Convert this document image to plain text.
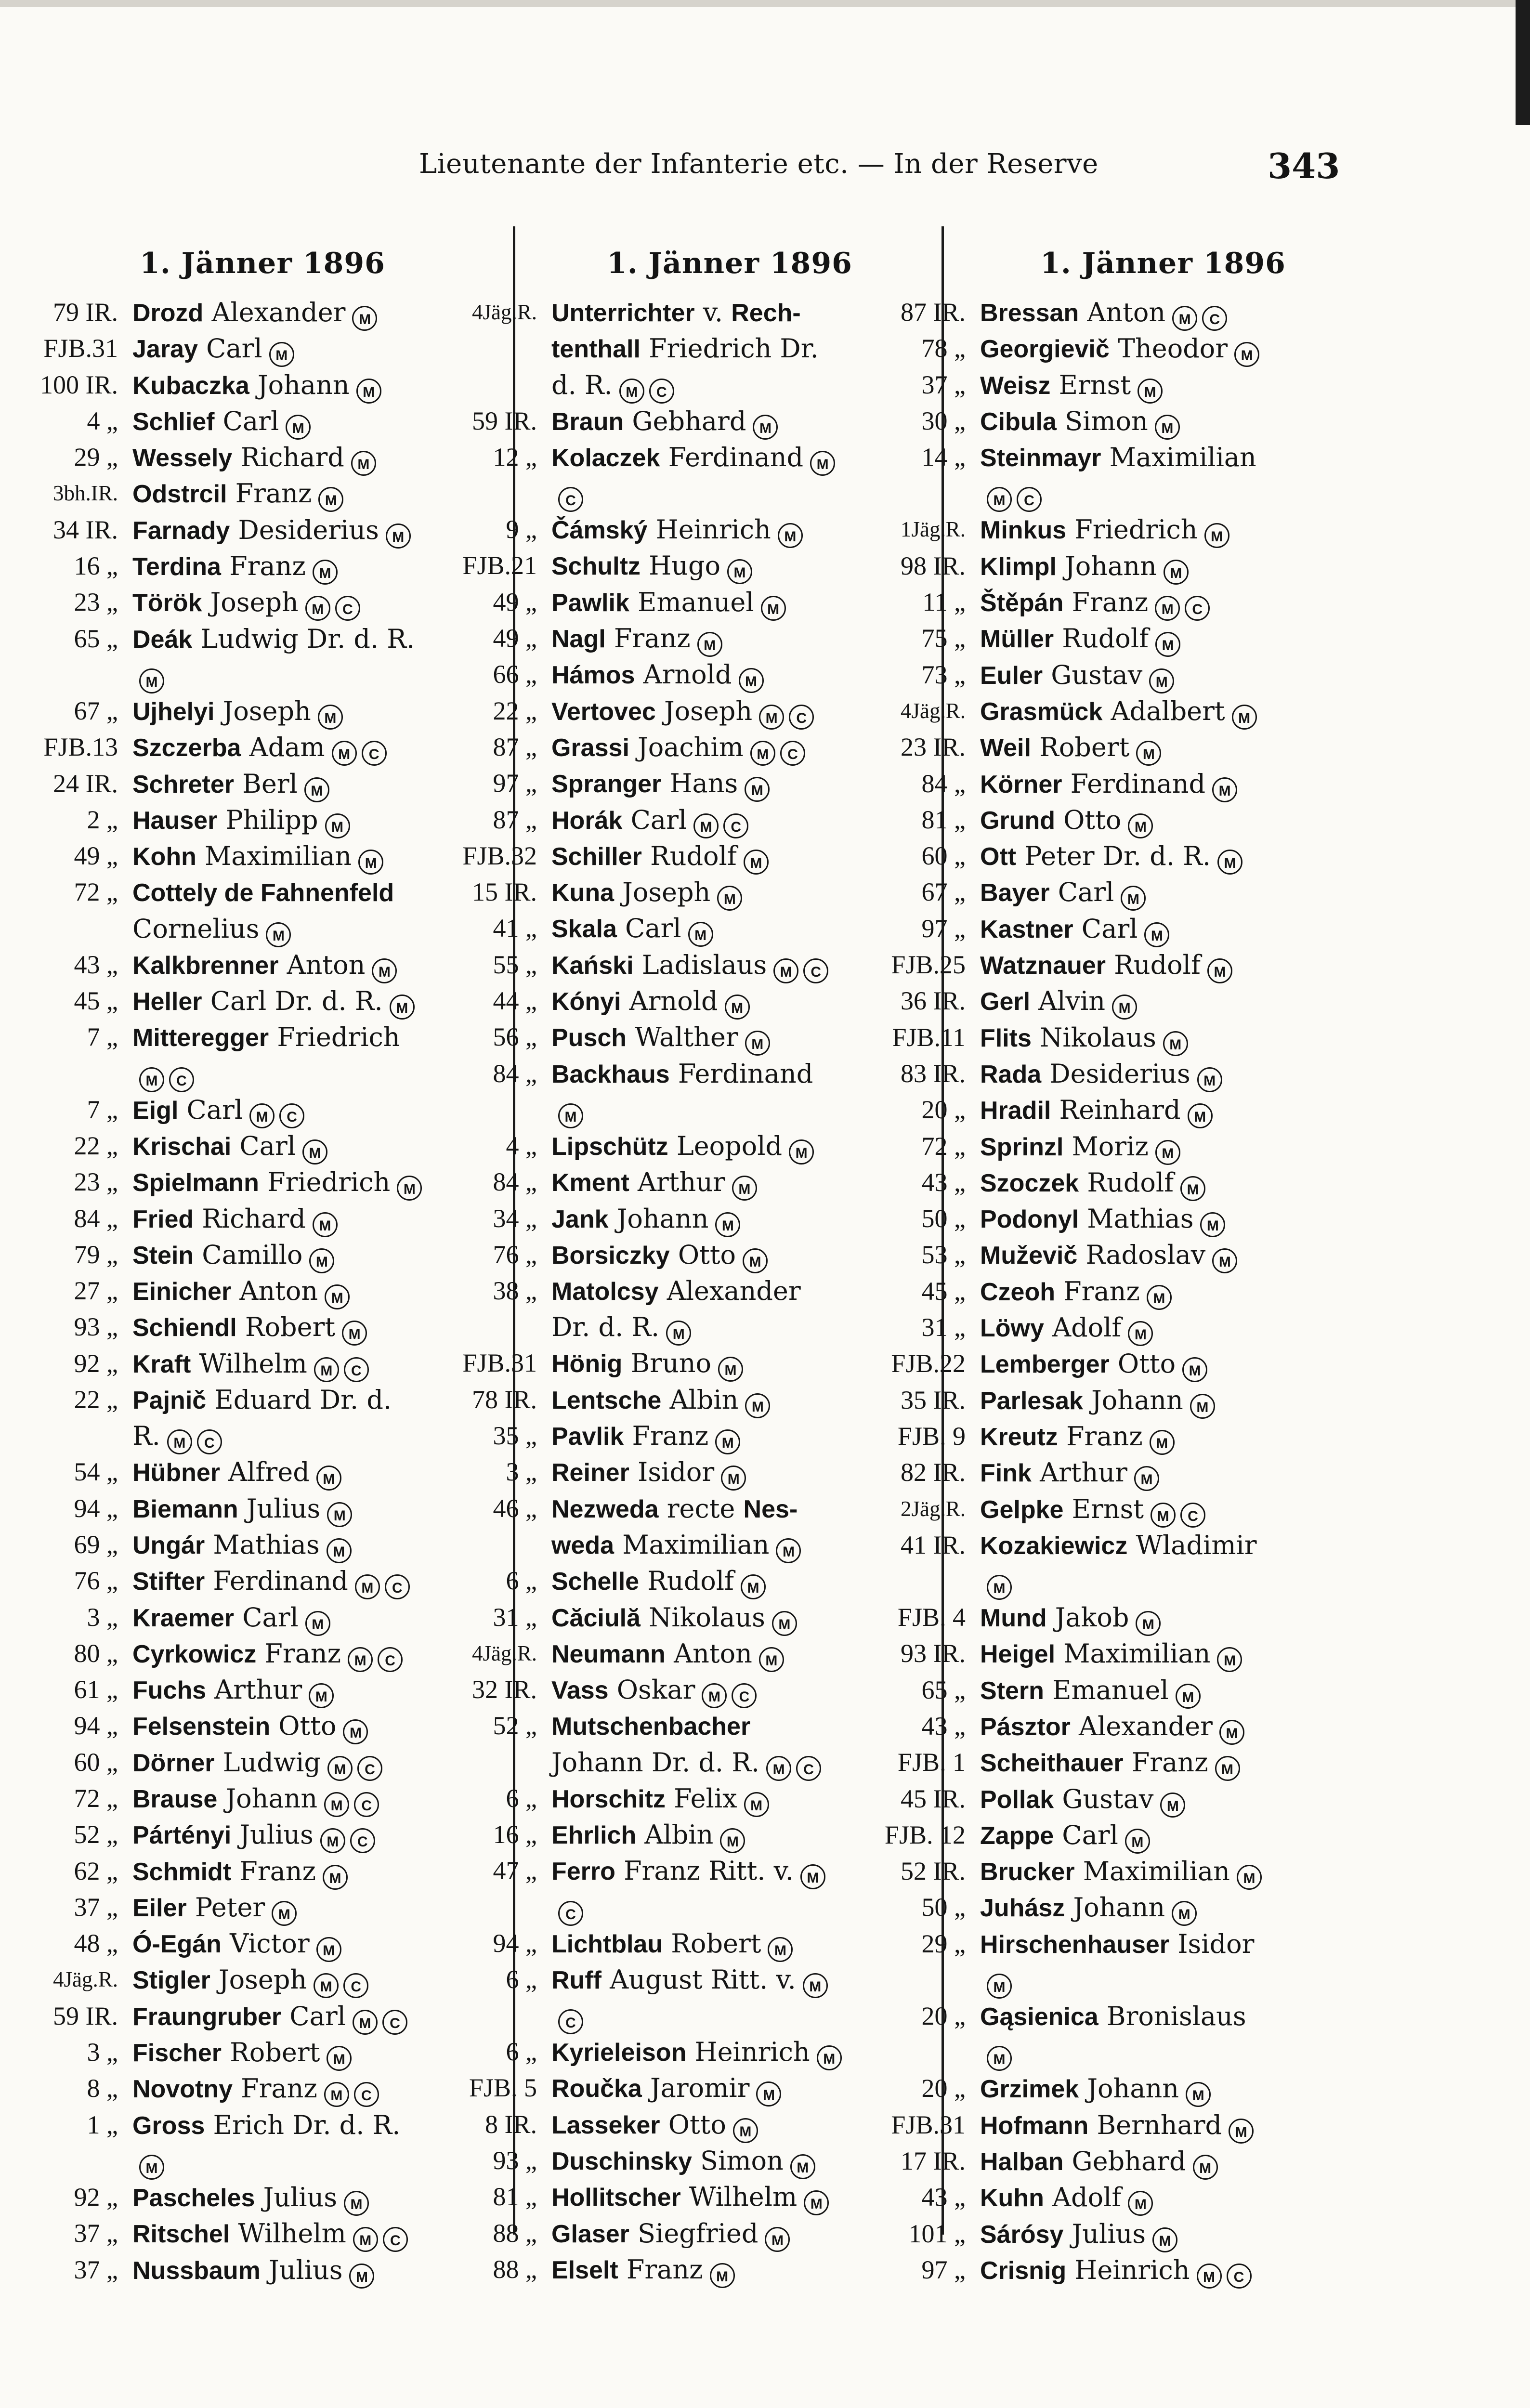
Lieutenante der Infanterie etc. — In der Reserve	343
1. Jänner 1896
79 IR. Drozd Alexander M
FJB.31 Jaray Carl M
100 IR. Kubaczka Johann M
4 „ Schlief Carl M
29 „ Wessely Richard M
3bh.IR. Odstrcil Franz M
34 IR. Farnady Desiderius M
16 „ Terdina Franz M
23 „ Török Joseph M C
65 „ Deák Ludwig Dr. d. R.
M
67 „ Ujhelyi Joseph M
FJB.13 Szczerba Adam M C
24 IR. Schreter Berl M
2 „ Hauser Philipp M
49 „ Kohn Maximilian M
72 „ Cottely de Fahnenfeld
Cornelius M
43 „ Kalkbrenner Anton M
45 „ Heller Carl Dr. d. R. M
7 „ Mitteregger Friedrich
M C
7 „ Eigl Carl M C
22 „ Krischai Carl M
23 „ Spielmann Friedrich M
84 „ Fried Richard M
79 „ Stein Camillo M
27 „ Einicher Anton M
93 „ Schiendl Robert M
92 „ Kraft Wilhelm M C
22 „ Pajnič Eduard Dr. d.
R. M C
54 „ Hübner Alfred M
94 „ Biemann Julius M
69 „ Ungár Mathias M
76 „ Stifter Ferdinand M C
3 „ Kraemer Carl M
80 „ Cyrkowicz Franz M C
61 „ Fuchs Arthur M
94 „ Felsenstein Otto M
60 „ Dörner Ludwig M C
72 „ Brause Johann M C
52 „ Pártényi Julius M C
62 „ Schmidt Franz M
37 „ Eiler Peter M
48 „ Ó-Egán Victor M
4Jäg.R. Stigler Joseph M C
59 IR. Fraungruber Carl M C
3 „ Fischer Robert M
8 „ Novotny Franz M C
1 „ Gross Erich Dr. d. R.
M
92 „ Pascheles Julius M
37 „ Ritschel Wilhelm M C
37 „ Nussbaum Julius M
1. Jänner 1896
4Jäg.R. Unterrichter v. Rech-
tenthall Friedrich Dr.
d. R. M C
59 IR. Braun Gebhard M
12 „ Kolaczek Ferdinand M
C
9 „ Čámský Heinrich M
FJB.21 Schultz Hugo M
49 „ Pawlik Emanuel M
49 „ Nagl Franz M
66 „ Hámos Arnold M
22 „ Vertovec Joseph M C
87 „ Grassi Joachim M C
97 „ Spranger Hans M
87 „ Horák Carl M C
FJB.32 Schiller Rudolf M
15 IR. Kuna Joseph M
41 „ Skala Carl M
55 „ Kański Ladislaus M C
44 „ Kónyi Arnold M
56 „ Pusch Walther M
84 „ Backhaus Ferdinand
M
4 „ Lipschütz Leopold M
84 „ Kment Arthur M
34 „ Jank Johann M
76 „ Borsiczky Otto M
38 „ Matolcsy Alexander
Dr. d. R. M
FJB.31 Hönig Bruno M
78 IR. Lentsche Albin M
35 „ Pavlik Franz M
3 „ Reiner Isidor M
46 „ Nezweda recte Nes-
weda Maximilian M
6 „ Schelle Rudolf M
31 „ Căciulă Nikolaus M
4Jäg.R. Neumann Anton M
32 IR. Vass Oskar M C
52 „ Mutschenbacher
Johann Dr. d. R. M C
6 „ Horschitz Felix M
16 „ Ehrlich Albin M
47 „ Ferro Franz Ritt. v. M
C
94 „ Lichtblau Robert M
6 „ Ruff August Ritt. v. M
C
6 „ Kyrieleison Heinrich M
FJB. 5 Roučka Jaromir M
8 IR. Lasseker Otto M
93 „ Duschinsky Simon M
81 „ Hollitscher Wilhelm M
88 „ Glaser Siegfried M
88 „ Elselt Franz M
1. Jänner 1896
87 IR. Bressan Anton M C
78 „ Georgievič Theodor M
37 „ Weisz Ernst M
30 „ Cibula Simon M
14 „ Steinmayr Maximilian
M C
1Jäg.R. Minkus Friedrich M
98 IR. Klimpl Johann M
11 „ Štěpán Franz M C
75 „ Müller Rudolf M
73 „ Euler Gustav M
4Jäg.R. Grasmück Adalbert M
23 IR. Weil Robert M
84 „ Körner Ferdinand M
81 „ Grund Otto M
60 „ Ott Peter Dr. d. R. M
67 „ Bayer Carl M
97 „ Kastner Carl M
FJB.25 Watznauer Rudolf M
36 IR. Gerl Alvin M
FJB.11 Flits Nikolaus M
83 IR. Rada Desiderius M
20 „ Hradil Reinhard M
72 „ Sprinzl Moriz M
43 „ Szoczek Rudolf M
50 „ Podonyl Mathias M
53 „ Muževič Radoslav M
45 „ Czeoh Franz M
31 „ Löwy Adolf M
FJB.22 Lemberger Otto M
35 IR. Parlesak Johann M
FJB. 9 Kreutz Franz M
82 IR. Fink Arthur M
2Jäg.R. Gelpke Ernst M C
41 IR. Kozakiewicz Wladimir
M
FJB. 4 Mund Jakob M
93 IR. Heigel Maximilian M
65 „ Stern Emanuel M
43 „ Pásztor Alexander M
FJB. 1 Scheithauer Franz M
45 IR. Pollak Gustav M
FJB. 12 Zappe Carl M
52 IR. Brucker Maximilian M
50 „ Juhász Johann M
29 „ Hirschenhauser Isidor
M
20 „ Gąsienica Bronislaus
M
20 „ Grzimek Johann M
FJB.31 Hofmann Bernhard M
17 IR. Halban Gebhard M
43 „ Kuhn Adolf M
101 „ Sárósy Julius M
97 „ Crisnig Heinrich M C
